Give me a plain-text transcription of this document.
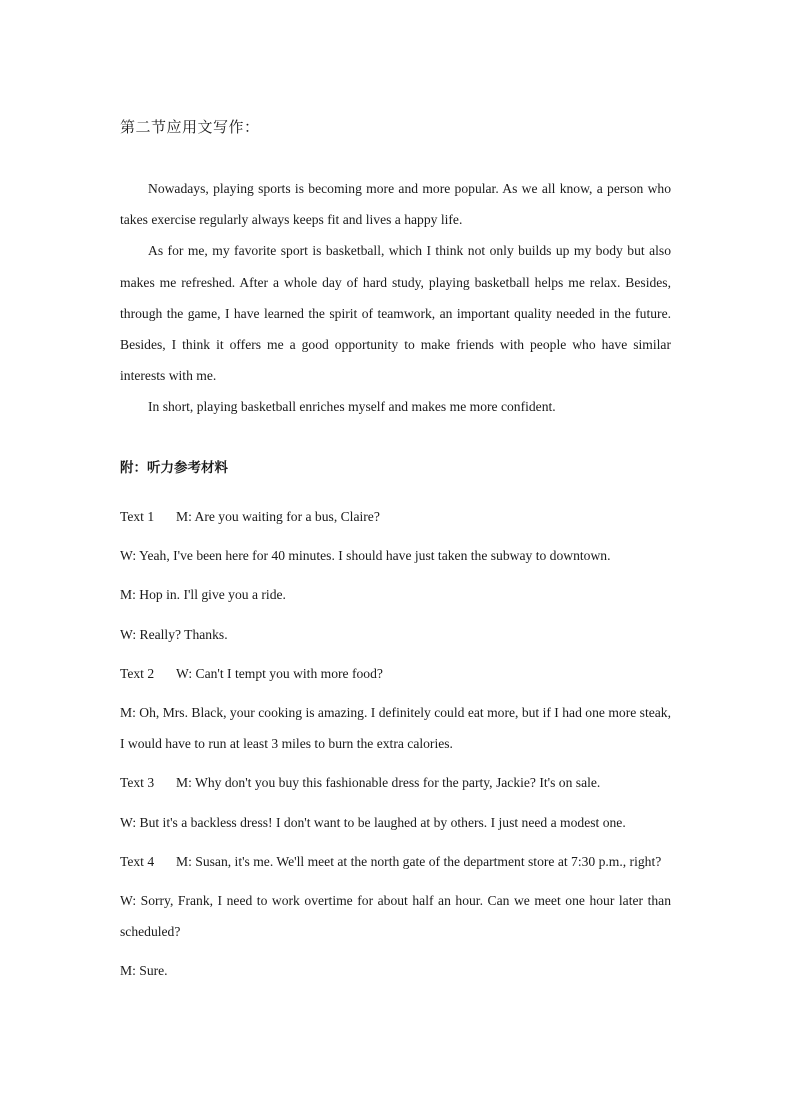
第二节应用文写作：

Nowadays, playing sports is becoming more and more popular. As we all know, a person who takes exercise regularly always keeps fit and lives a happy life.

As for me, my favorite sport is basketball, which I think not only builds up my body but also makes me refreshed. After a whole day of hard study, playing basketball helps me relax. Besides, through the game, I have learned the spirit of teamwork, an important quality needed in the future. Besides, I think it offers me a good opportunity to make friends with people who have similar interests with me.

In short, playing basketball enriches myself and makes me more confident.

附：听力参考材料

Text 1 M: Are you waiting for a bus, Claire?

W: Yeah, I've been here for 40 minutes. I should have just taken the subway to downtown.

M: Hop in. I'll give you a ride.

W: Really? Thanks.

Text 2 W: Can't I tempt you with more food?

M: Oh, Mrs. Black, your cooking is amazing. I definitely could eat more, but if I had one more steak, I would have to run at least 3 miles to burn the extra calories.

Text 3 M: Why don't you buy this fashionable dress for the party, Jackie? It's on sale.

W: But it's a backless dress! I don't want to be laughed at by others. I just need a modest one.

Text 4 M: Susan, it's me. We'll meet at the north gate of the department store at 7:30 p.m., right?

W: Sorry, Frank, I need to work overtime for about half an hour. Can we meet one hour later than scheduled?

M: Sure.
